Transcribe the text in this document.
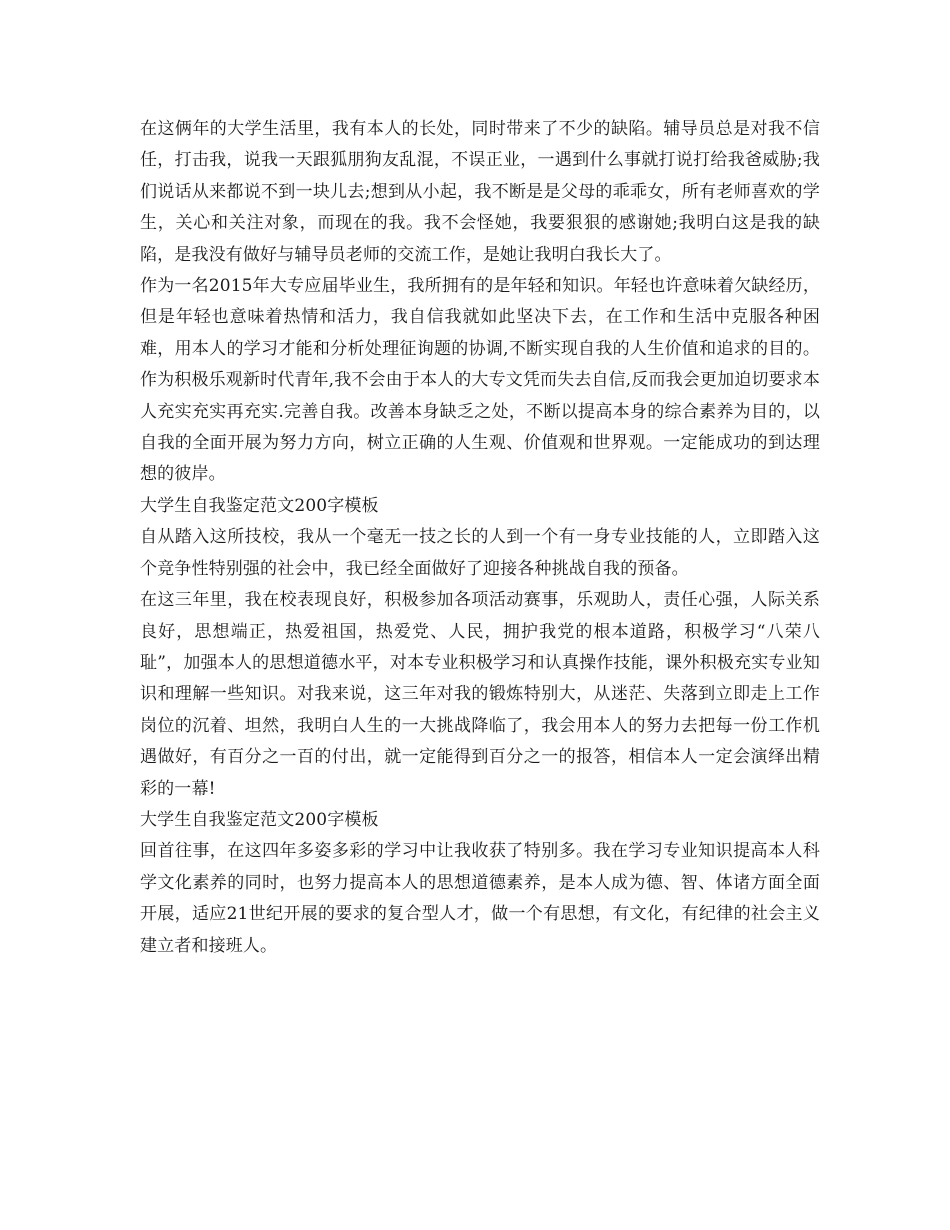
在这俩年的大学生活里，我有本人的长处，同时带来了不少的缺陷。辅导员总是对我不信任，打击我，说我一天跟狐朋狗友乱混，不误正业，一遇到什么事就打说打给我爸威胁;我们说话从来都说不到一块儿去;想到从小起，我不断是是父母的乖乖女，所有老师喜欢的学生，关心和关注对象，而现在的我。我不会怪她，我要狠狠的感谢她;我明白这是我的缺陷，是我没有做好与辅导员老师的交流工作，是她让我明白我长大了。

作为一名2015年大专应届毕业生，我所拥有的是年轻和知识。年轻也许意味着欠缺经历，但是年轻也意味着热情和活力，我自信我就如此坚决下去，在工作和生活中克服各种困难，用本人的学习才能和分析处理征询题的协调,不断实现自我的人生价值和追求的目的。作为积极乐观新时代青年,我不会由于本人的大专文凭而失去自信,反而我会更加迫切要求本人充实充实再充实.完善自我。改善本身缺乏之处，不断以提高本身的综合素养为目的，以自我的全面开展为努力方向，树立正确的人生观、价值观和世界观。一定能成功的到达理想的彼岸。

大学生自我鉴定范文200字模板

自从踏入这所技校，我从一个毫无一技之长的人到一个有一身专业技能的人，立即踏入这个竞争性特别强的社会中，我已经全面做好了迎接各种挑战自我的预备。

在这三年里，我在校表现良好，积极参加各项活动赛事，乐观助人，责任心强，人际关系良好，思想端正，热爱祖国，热爱党、人民，拥护我党的根本道路，积极学习“八荣八耻”，加强本人的思想道德水平，对本专业积极学习和认真操作技能，课外积极充实专业知识和理解一些知识。对我来说，这三年对我的锻炼特别大，从迷茫、失落到立即走上工作岗位的沉着、坦然，我明白人生的一大挑战降临了，我会用本人的努力去把每一份工作机遇做好，有百分之一百的付出，就一定能得到百分之一的报答，相信本人一定会演绎出精彩的一幕!

大学生自我鉴定范文200字模板

回首往事，在这四年多姿多彩的学习中让我收获了特别多。我在学习专业知识提高本人科学文化素养的同时，也努力提高本人的思想道德素养，是本人成为德、智、体诸方面全面开展，适应21世纪开展的要求的复合型人才，做一个有思想，有文化，有纪律的社会主义建立者和接班人。
